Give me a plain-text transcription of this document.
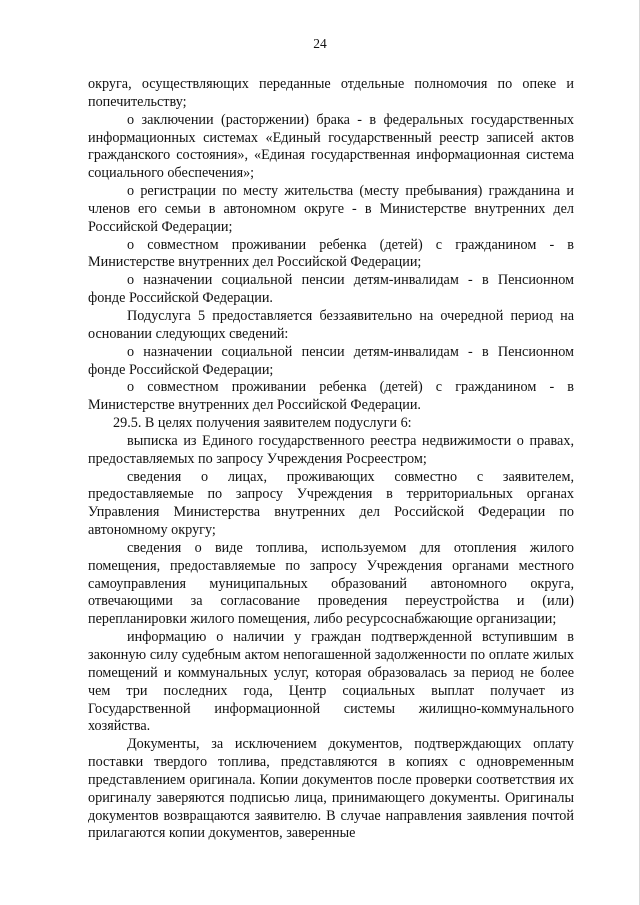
24

округа, осуществляющих переданные отдельные полномочия по опеке и попечительству;

о заключении (расторжении) брака - в федеральных государственных информационных системах «Единый государственный реестр записей актов гражданского состояния», «Единая государственная информационная система социального обеспечения»;

о регистрации по месту жительства (месту пребывания) гражданина и членов его семьи в автономном округе - в Министерстве внутренних дел Российской Федерации;

о совместном проживании ребенка (детей) с гражданином - в Министерстве внутренних дел Российской Федерации;

о назначении социальной пенсии детям-инвалидам - в Пенсионном фонде Российской Федерации.

Подуслуга 5 предоставляется беззаявительно на очередной период на основании следующих сведений:

о назначении социальной пенсии детям-инвалидам - в Пенсионном фонде Российской Федерации;

о совместном проживании ребенка (детей) с гражданином - в Министерстве внутренних дел Российской Федерации.

29.5. В целях получения заявителем подуслуги 6:

выписка из Единого государственного реестра недвижимости о правах, предоставляемых по запросу Учреждения Росреестром;

сведения о лицах, проживающих совместно с заявителем, предоставляемые по запросу Учреждения в территориальных органах Управления Министерства внутренних дел Российской Федерации по автономному округу;

сведения о виде топлива, используемом для отопления жилого помещения, предоставляемые по запросу Учреждения органами местного самоуправления муниципальных образований автономного округа, отвечающими за согласование проведения переустройства и (или) перепланировки жилого помещения, либо ресурсоснабжающие организации;

информацию о наличии у граждан подтвержденной вступившим в законную силу судебным актом непогашенной задолженности по оплате жилых помещений и коммунальных услуг, которая образовалась за период не более чем три последних года, Центр социальных выплат получает из Государственной информационной системы жилищно-коммунального хозяйства.

Документы, за исключением документов, подтверждающих оплату поставки твердого топлива, представляются в копиях с одновременным представлением оригинала. Копии документов после проверки соответствия их оригиналу заверяются подписью лица, принимающего документы. Оригиналы документов возвращаются заявителю. В случае направления заявления почтой прилагаются копии документов, заверенные
